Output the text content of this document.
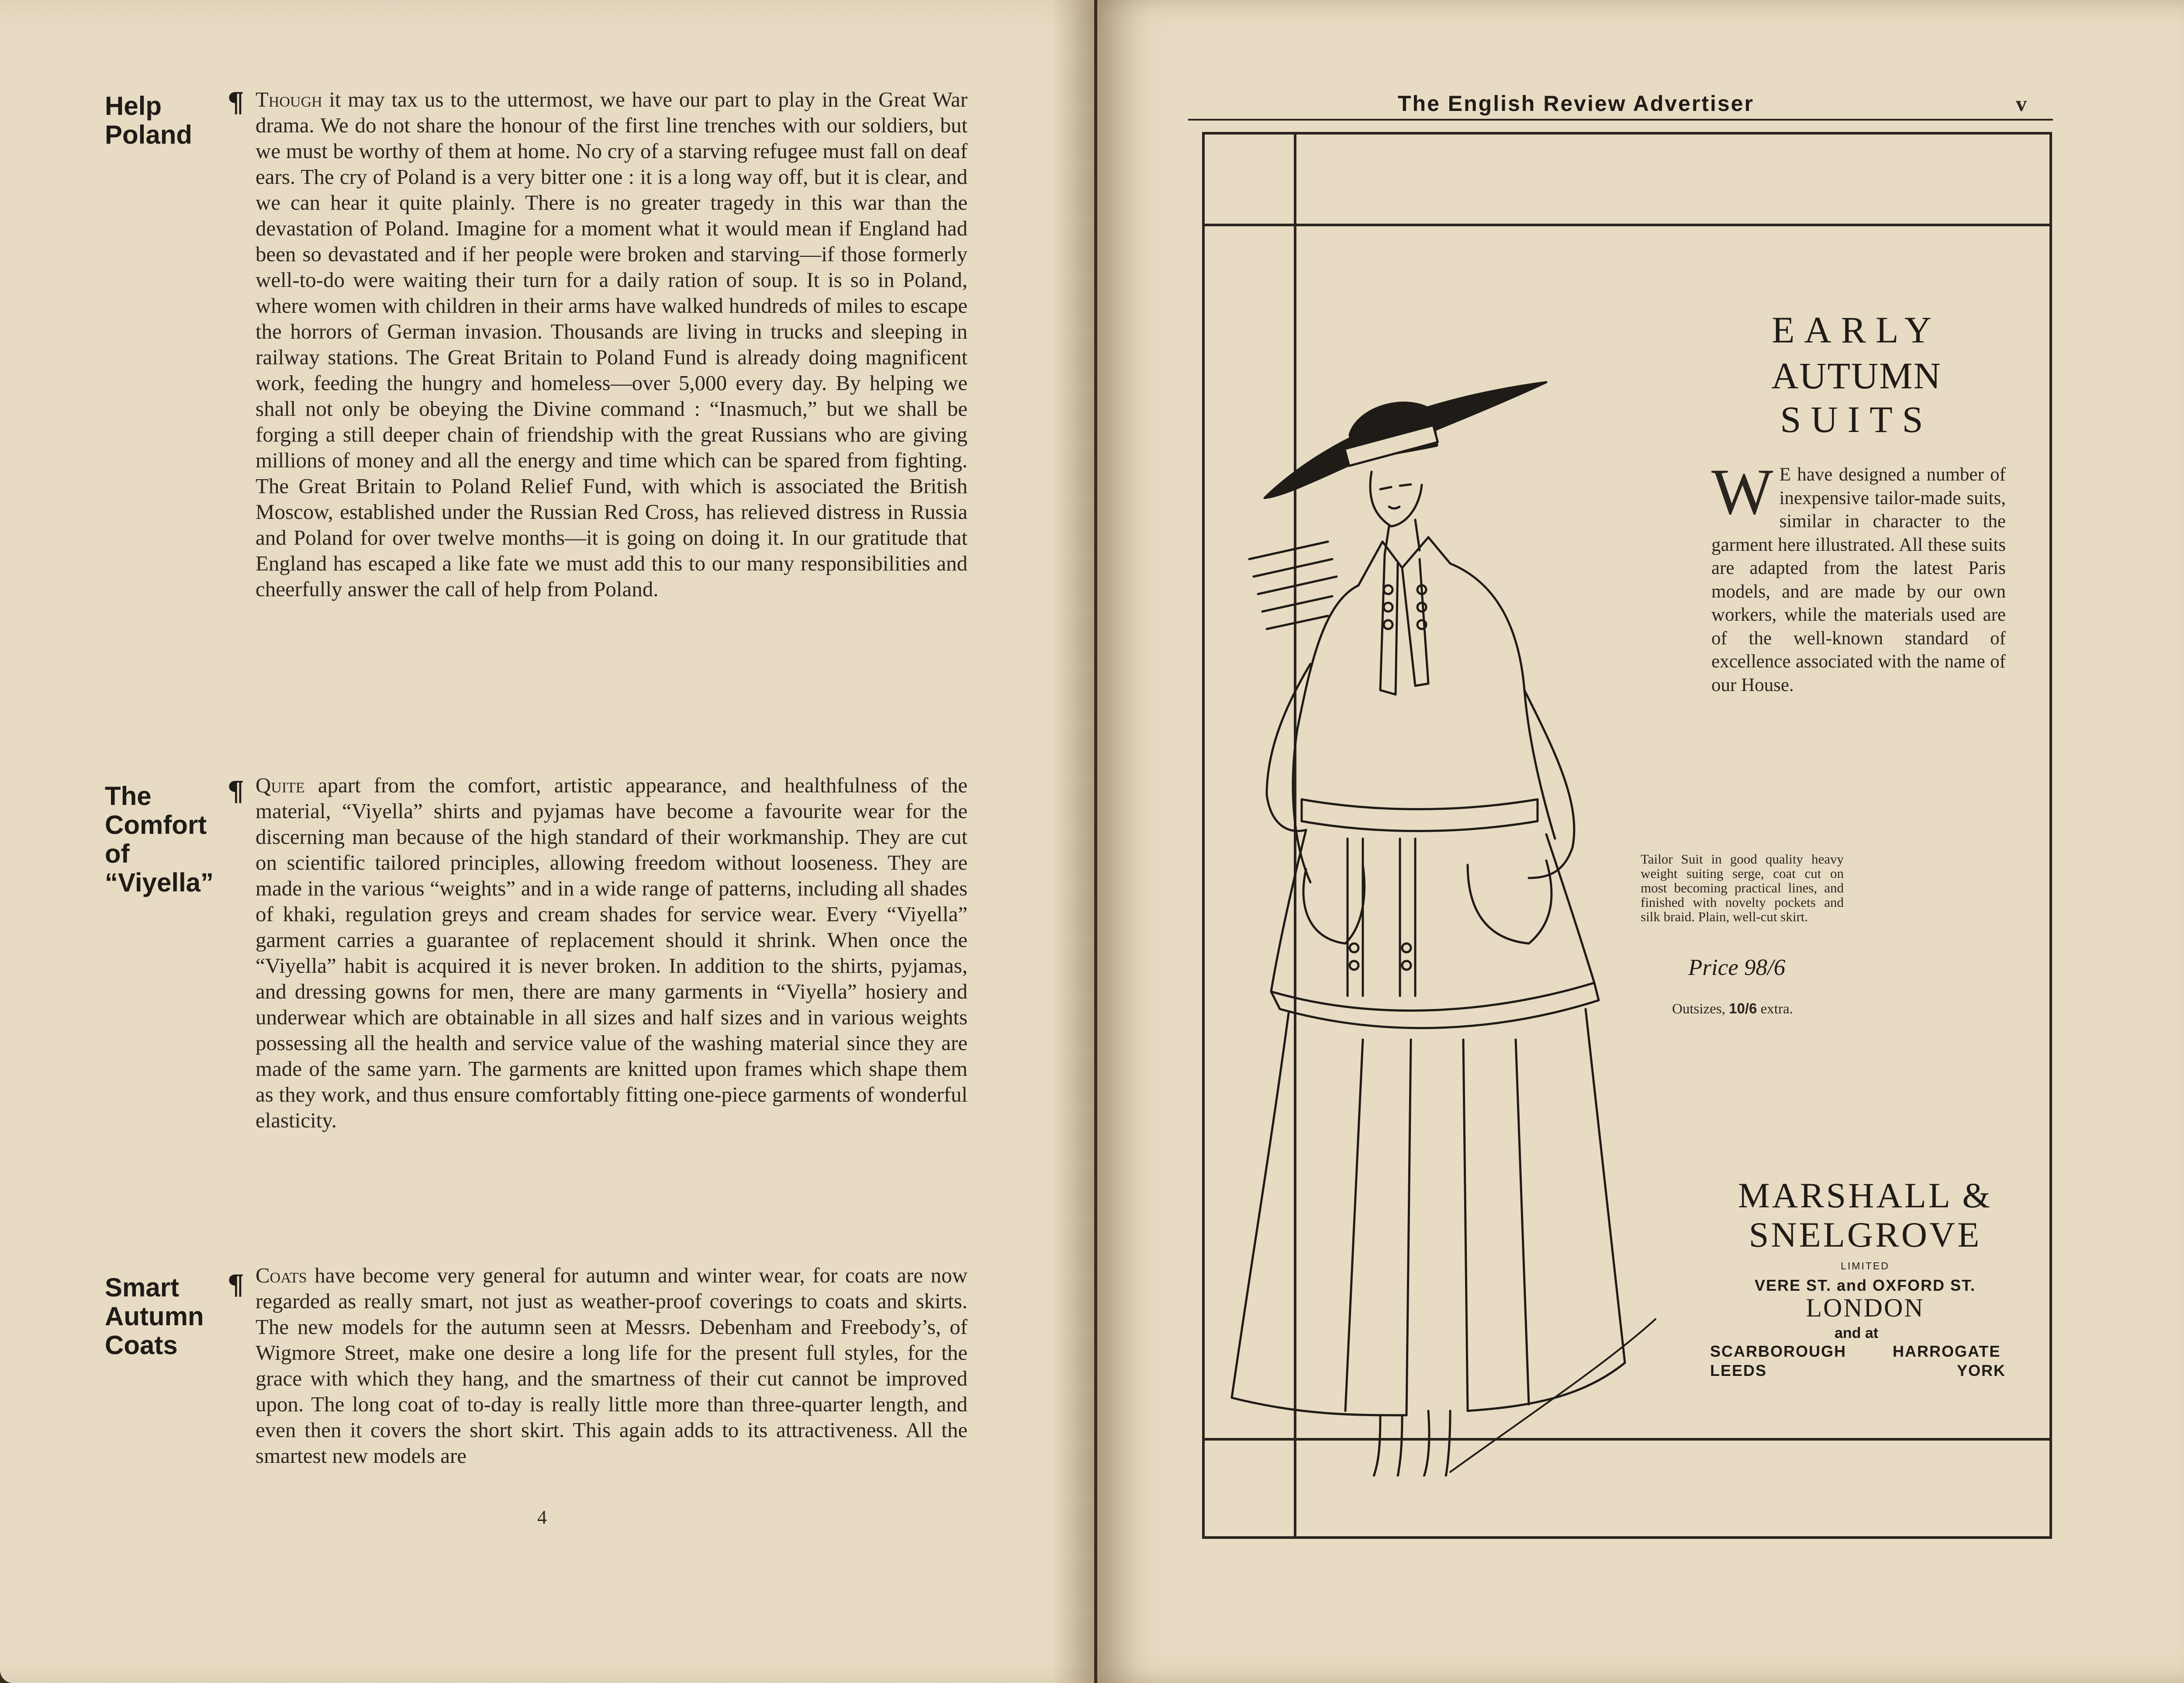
Help
Poland
¶ Though it may tax us to the uttermost, we have our part to play in the Great War drama. We do not share the honour of the first line trenches with our soldiers, but we must be worthy of them at home. No cry of a starving refugee must fall on deaf ears. The cry of Poland is a very bitter one : it is a long way off, but it is clear, and we can hear it quite plainly. There is no greater tragedy in this war than the devastation of Poland. Imagine for a moment what it would mean if England had been so devastated and if her people were broken and starving—if those formerly well-to-do were waiting their turn for a daily ration of soup. It is so in Poland, where women with children in their arms have walked hundreds of miles to escape the horrors of German invasion. Thousands are living in trucks and sleeping in railway stations. The Great Britain to Poland Fund is already doing magnificent work, feeding the hungry and homeless—over 5,000 every day. By helping we shall not only be obeying the Divine command : “Inasmuch,” but we shall be forging a still deeper chain of friendship with the great Russians who are giving millions of money and all the energy and time which can be spared from fighting. The Great Britain to Poland Relief Fund, with which is associated the British Moscow, established under the Russian Red Cross, has relieved distress in Russia and Poland for over twelve months—it is going on doing it. In our gratitude that England has escaped a like fate we must add this to our many responsibilities and cheerfully answer the call of help from Poland.
The
Comfort
of
“Viyella”
¶ Quite apart from the comfort, artistic appearance, and healthfulness of the material, “Viyella” shirts and pyjamas have become a favourite wear for the discerning man because of the high standard of their workmanship. They are cut on scientific tailored principles, allowing freedom without looseness. They are made in the various “weights” and in a wide range of patterns, including all shades of khaki, regulation greys and cream shades for service wear. Every “Viyella” garment carries a guarantee of replacement should it shrink. When once the “Viyella” habit is acquired it is never broken. In addition to the shirts, pyjamas, and dressing gowns for men, there are many garments in “Viyella” hosiery and underwear which are obtainable in all sizes and half sizes and in various weights possessing all the health and service value of the washing material since they are made of the same yarn. The garments are knitted upon frames which shape them as they work, and thus ensure comfortably fitting one-piece garments of wonderful elasticity.
Smart
Autumn
Coats
¶ Coats have become very general for autumn and winter wear, for coats are now regarded as really smart, not just as weather-proof coverings to coats and skirts. The new models for the autumn seen at Messrs. Debenham and Freebody’s, of Wigmore Street, make one desire a long life for the present full styles, for the grace with which they hang, and the smartness of their cut cannot be improved upon. The long coat of to-day is really little more than three-quarter length, and even then it covers the short skirt. This again adds to its attractiveness. All the smartest new models are
4
The English Review Advertiser	v
EARLY
AUTUMN
SUITS
W E have designed a number of inexpensive tailor-made suits, similar in character to the garment here illustrated. All these suits are adapted from the latest Paris models, and are made by our own workers, while the materials used are of the well-known standard of excellence associated with the name of our House.
Tailor Suit in good quality heavy weight suiting serge, coat cut on most becoming practical lines, and finished with novelty pockets and silk braid. Plain, well-cut skirt.
Price 98/6
Outsizes, 10/6 extra.
MARSHALL &
SNELGROVE
LIMITED
VERE ST. and OXFORD ST.
LONDON
and at
SCARBOROUGH	HARROGATE
LEEDS	YORK
